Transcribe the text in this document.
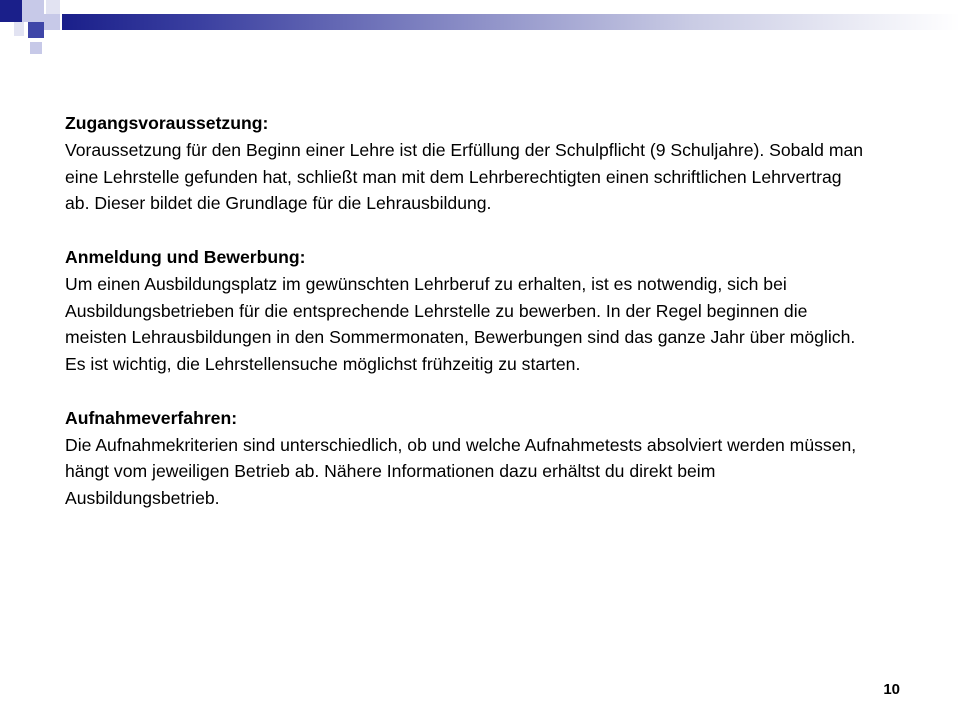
Zugangsvoraussetzung:

Voraussetzung für den Beginn einer Lehre ist die Erfüllung der Schulpflicht (9 Schuljahre). Sobald man eine Lehrstelle gefunden hat, schließt man mit dem Lehrberechtigten einen schriftlichen Lehrvertrag ab. Dieser bildet die Grundlage für die Lehrausbildung.

Anmeldung und Bewerbung:

Um einen Ausbildungsplatz im gewünschten Lehrberuf zu erhalten, ist es notwendig, sich bei Ausbildungsbetrieben für die entsprechende Lehrstelle zu bewerben. In der Regel beginnen die meisten Lehrausbildungen in den Sommermonaten, Bewerbungen sind das ganze Jahr über möglich. Es ist wichtig, die Lehrstellensuche möglichst frühzeitig zu starten.

Aufnahmeverfahren:

Die Aufnahmekriterien sind unterschiedlich, ob und welche Aufnahmetests absolviert werden müssen, hängt vom jeweiligen Betrieb ab. Nähere Informationen dazu erhältst du direkt beim Ausbildungsbetrieb.

10
